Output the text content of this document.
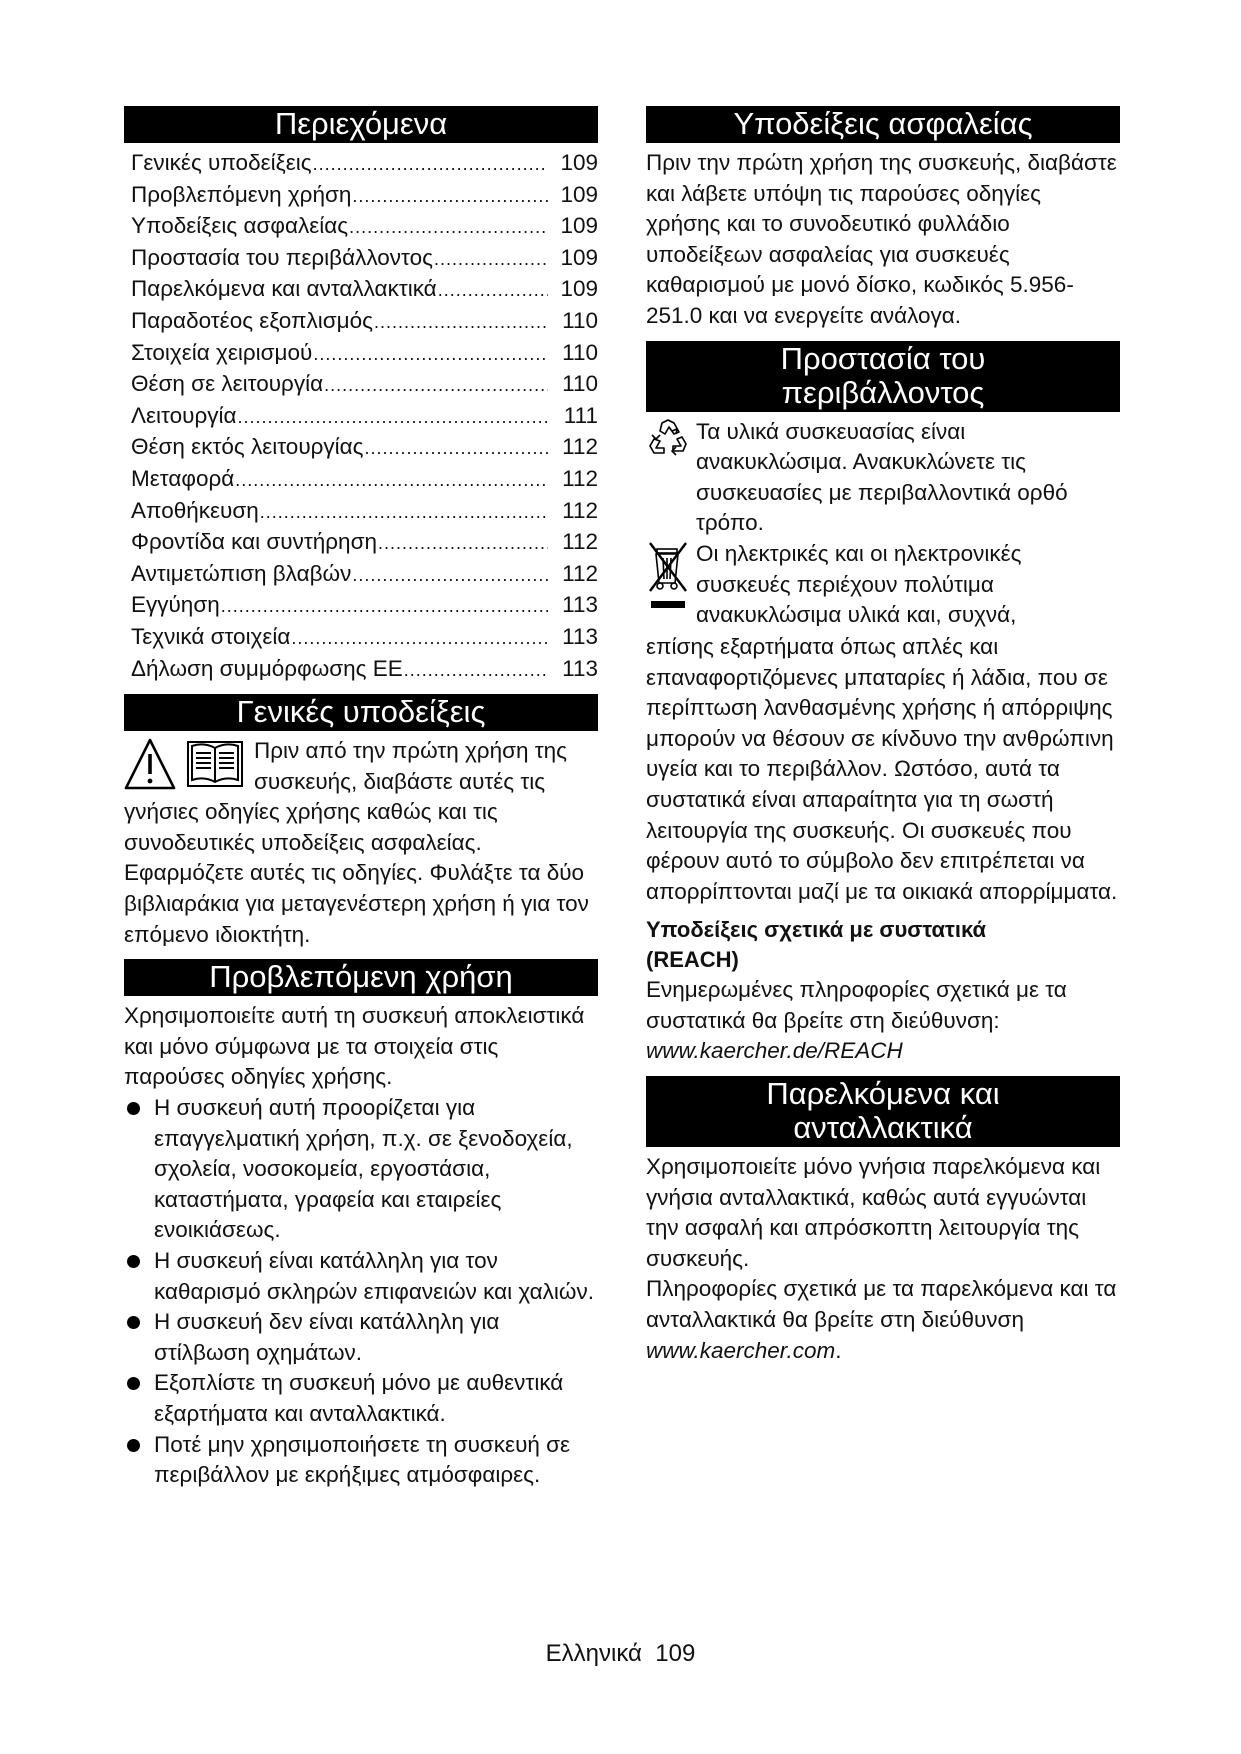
Περιεχόμενα
Γενικές υποδείξεις .....	109
Προβλεπόμενη χρήση .....	109
Υποδείξεις ασφαλείας .....	109
Προστασία του περιβάλλοντος .....	109
Παρελκόμενα και ανταλλακτικά .....	109
Παραδοτέος εξοπλισμός .....	110
Στοιχεία χειρισμού .....	110
Θέση σε λειτουργία .....	110
Λειτουργία .....	111
Θέση εκτός λειτουργίας .....	112
Μεταφορά .....	112
Αποθήκευση .....	112
Φροντίδα και συντήρηση .....	112
Αντιμετώπιση βλαβών .....	112
Εγγύηση .....	113
Τεχνικά στοιχεία .....	113
Δήλωση συμμόρφωσης ΕΕ .....	113
Γενικές υποδείξεις

Πριν από την πρώτη χρήση της

συσκευής, διαβάστε αυτές τις

γνήσιες οδηγίες χρήσης καθώς και τις συνοδευτικές υποδείξεις ασφαλείας. Εφαρμόζετε αυτές τις οδηγίες. Φυλάξτε τα δύο βιβλιαράκια για μεταγενέστερη χρήση ή για τον επόμενο ιδιοκτήτη.

Προβλεπόμενη χρήση

Χρησιμοποιείτε αυτή τη συσκευή αποκλειστικά και μόνο σύμφωνα με τα στοιχεία στις παρούσες οδηγίες χρήσης.

Η συσκευή αυτή προορίζεται για επαγγελματική χρήση, π.χ. σε ξενοδοχεία, σχολεία, νοσοκομεία, εργοστάσια, καταστήματα, γραφεία και εταιρείες ενοικιάσεως.
Η συσκευή είναι κατάλληλη για τον καθαρισμό σκληρών επιφανειών και χαλιών.
Η συσκευή δεν είναι κατάλληλη για στίλβωση οχημάτων.
Εξοπλίστε τη συσκευή μόνο με αυθεντικά εξαρτήματα και ανταλλακτικά.
Ποτέ μην χρησιμοποιήσετε τη συσκευή σε περιβάλλον με εκρήξιμες ατμόσφαιρες.
Υποδείξεις ασφαλείας

Πριν την πρώτη χρήση της συσκευής, διαβάστε και λάβετε υπόψη τις παρούσες οδηγίες χρήσης και το συνοδευτικό φυλλάδιο υποδείξεων ασφαλείας για συσκευές καθαρισμού με μονό δίσκο, κωδικός 5.956-251.0 και να ενεργείτε ανάλογα.

Προστασία του
περιβάλλοντος

Τα υλικά συσκευασίας είναι ανακυκλώσιμα. Ανακυκλώνετε τις συσκευασίες με περιβαλλοντικά ορθό τρόπο.

Οι ηλεκτρικές και οι ηλεκτρονικές

συσκευές περιέχουν πολύτιμα

ανακυκλώσιμα υλικά και, συχνά,

επίσης εξαρτήματα όπως απλές και επαναφορτιζόμενες μπαταρίες ή λάδια, που σε περίπτωση λανθασμένης χρήσης ή απόρριψης μπορούν να θέσουν σε κίνδυνο την ανθρώπινη υγεία και το περιβάλλον. Ωστόσο, αυτά τα συστατικά είναι απαραίτητα για τη σωστή λειτουργία της συσκευής. Οι συσκευές που φέρουν αυτό το σύμβολο δεν επιτρέπεται να απορρίπτονται μαζί με τα οικιακά απορρίμματα.

Υποδείξεις σχετικά με συστατικά
(REACH)

Ενημερωμένες πληροφορίες σχετικά με τα συστατικά θα βρείτε στη διεύθυνση:

www.kaercher.de/REACH

Παρελκόμενα και
ανταλλακτικά

Χρησιμοποιείτε μόνο γνήσια παρελκόμενα και γνήσια ανταλλακτικά, καθώς αυτά εγγυώνται την ασφαλή και απρόσκοπτη λειτουργία της συσκευής.

Πληροφορίες σχετικά με τα παρελκόμενα και τα ανταλλακτικά θα βρείτε στη διεύθυνση www.kaercher.com.

Ελληνικά 109
